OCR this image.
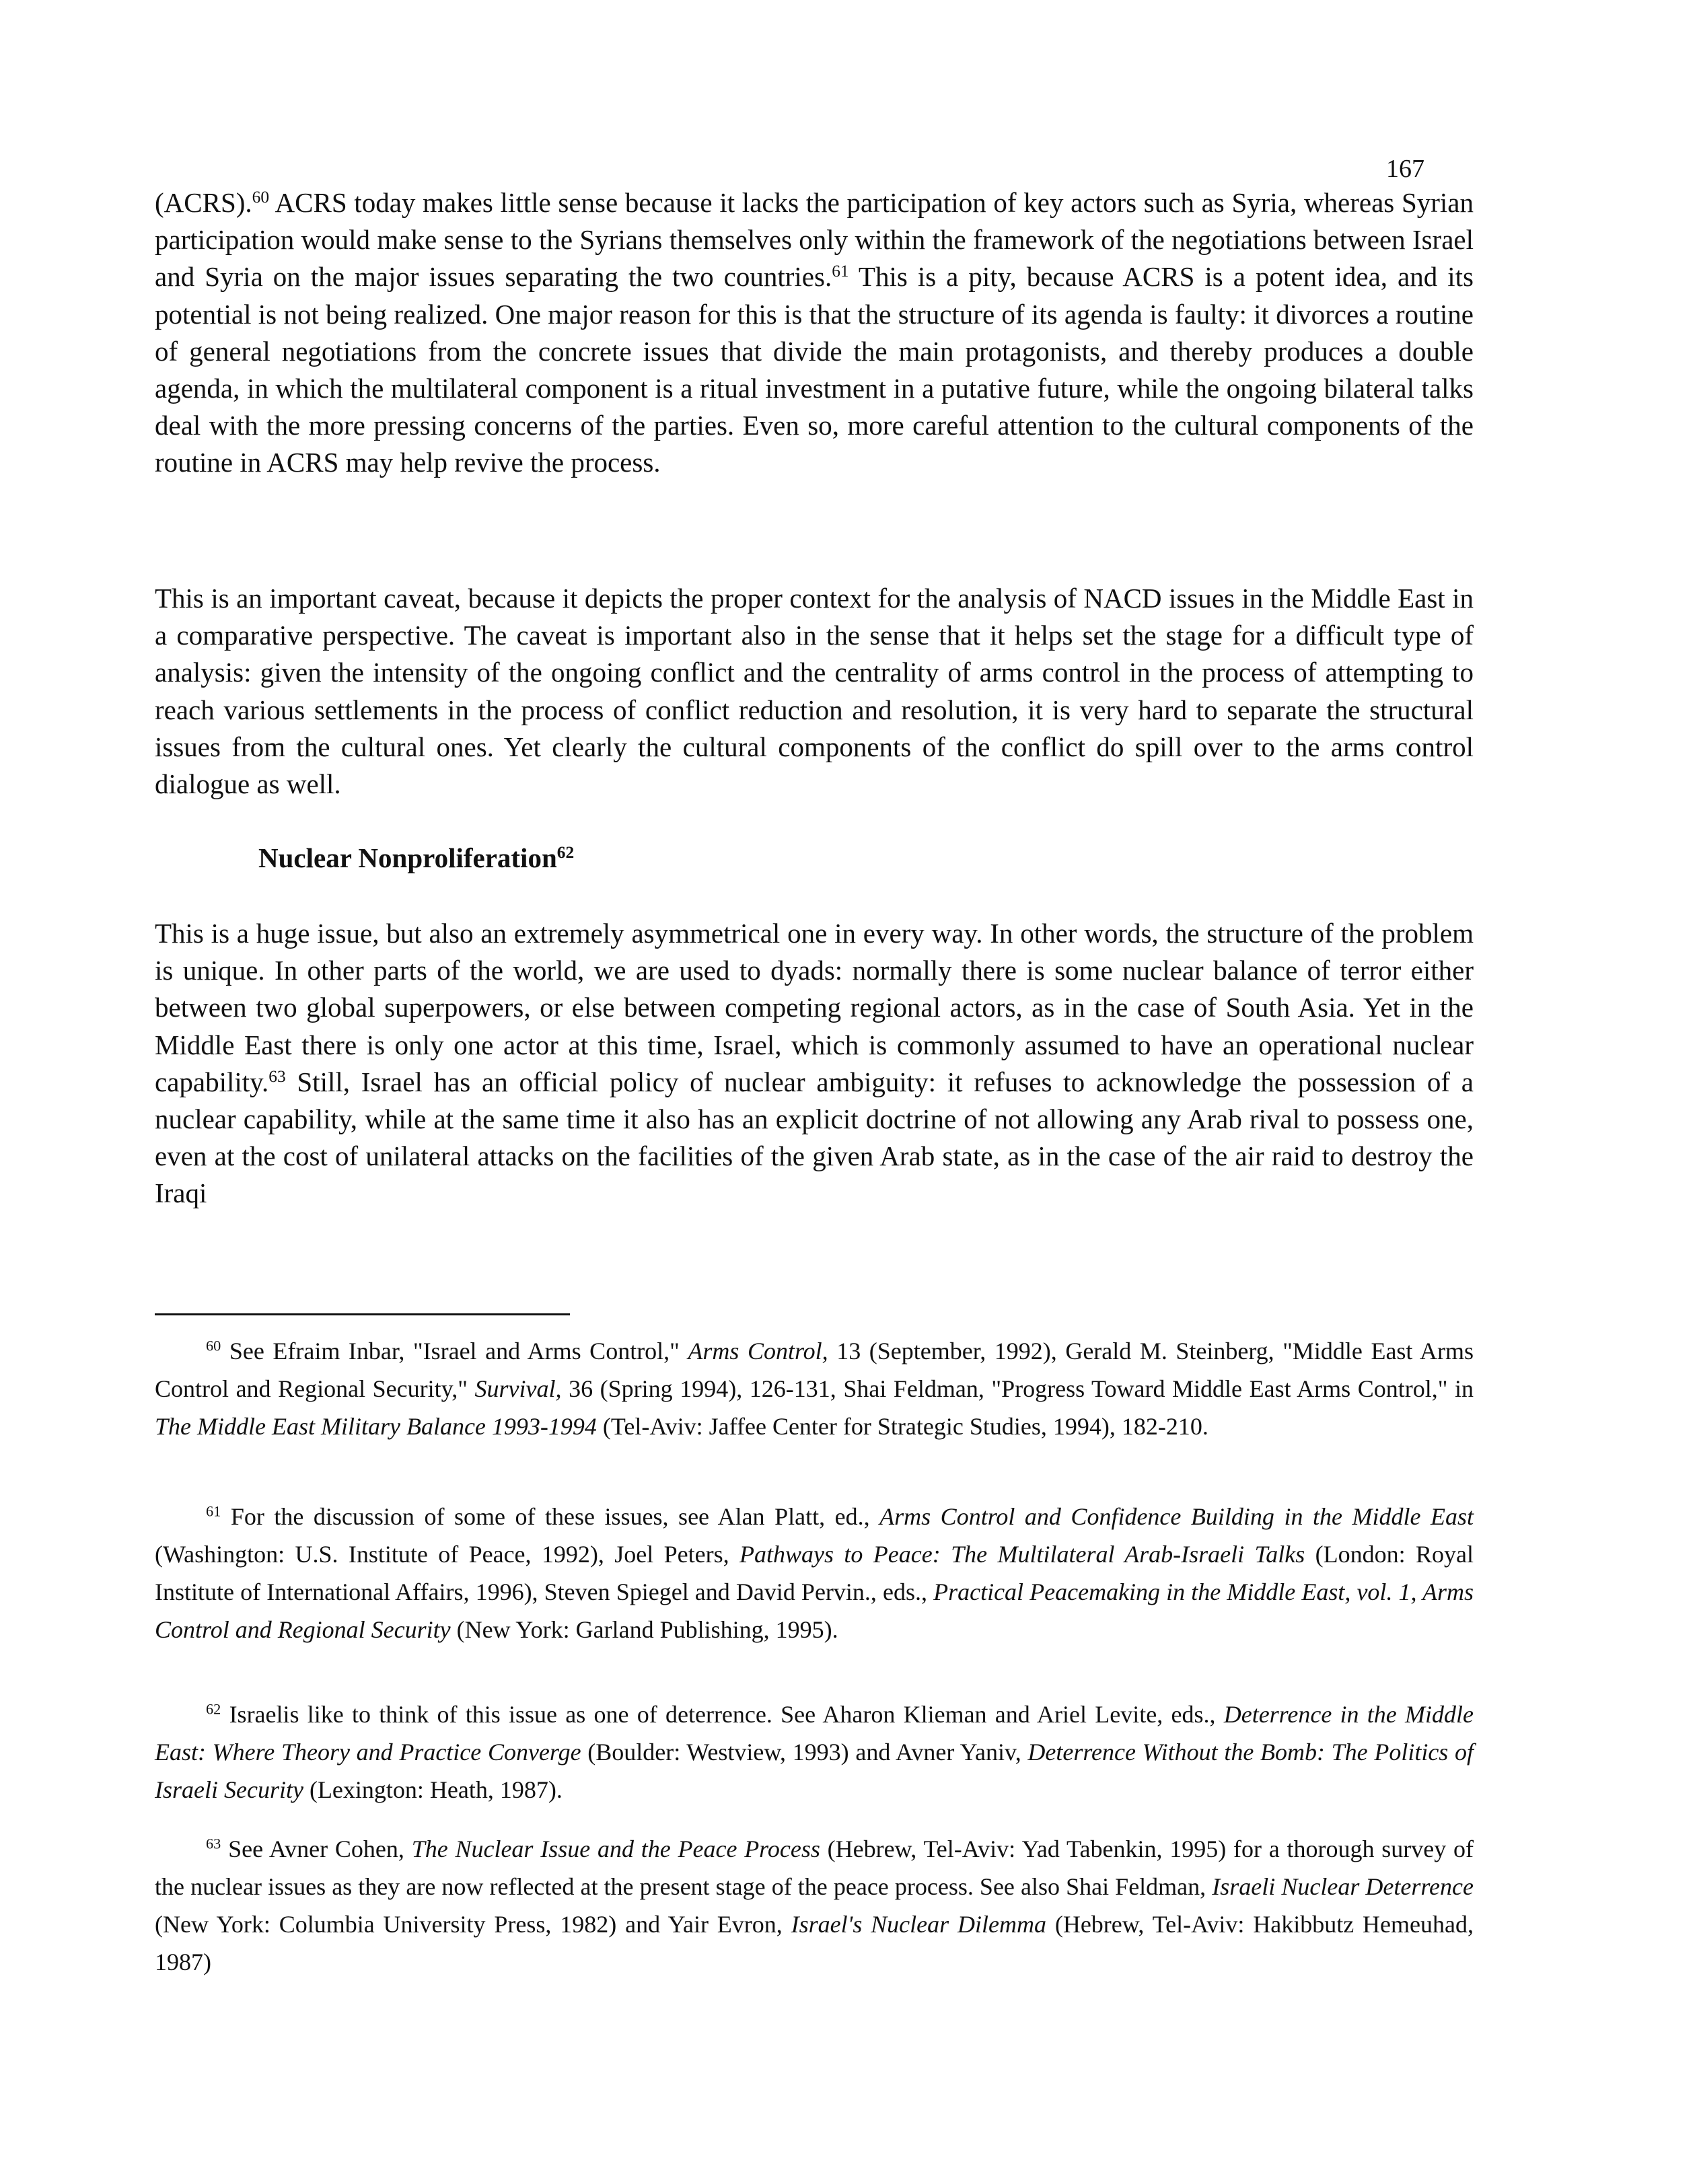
167

(ACRS).$^{60}$ ACRS today makes little sense because it lacks the participation of key actors such as Syria, whereas Syrian participation would make sense to the Syrians themselves only within the framework of the negotiations between Israel and Syria on the major issues separating the two countries.$^{61}$ This is a pity, because ACRS is a potent idea, and its potential is not being realized. One major reason for this is that the structure of its agenda is faulty: it divorces a routine of general negotiations from the concrete issues that divide the main protagonists, and thereby produces a double agenda, in which the multilateral component is a ritual investment in a putative future, while the ongoing bilateral talks deal with the more pressing concerns of the parties. Even so, more careful attention to the cultural components of the routine in ACRS may help revive the process.

This is an important caveat, because it depicts the proper context for the analysis of NACD issues in the Middle East in a comparative perspective. The caveat is important also in the sense that it helps set the stage for a difficult type of analysis: given the intensity of the ongoing conflict and the centrality of arms control in the process of attempting to reach various settlements in the process of conflict reduction and resolution, it is very hard to separate the structural issues from the cultural ones. Yet clearly the cultural components of the conflict do spill over to the arms control dialogue as well.

Nuclear Nonproliferation$^{62}$

This is a huge issue, but also an extremely asymmetrical one in every way. In other words, the structure of the problem is unique. In other parts of the world, we are used to dyads: normally there is some nuclear balance of terror either between two global superpowers, or else between competing regional actors, as in the case of South Asia. Yet in the Middle East there is only one actor at this time, Israel, which is commonly assumed to have an operational nuclear capability.$^{63}$ Still, Israel has an official policy of nuclear ambiguity: it refuses to acknowledge the possession of a nuclear capability, while at the same time it also has an explicit doctrine of not allowing any Arab rival to possess one, even at the cost of unilateral attacks on the facilities of the given Arab state, as in the case of the air raid to destroy the Iraqi

$^{60}$ See Efraim Inbar, "Israel and Arms Control," Arms Control, 13 (September, 1992), Gerald M. Steinberg, "Middle East Arms Control and Regional Security," Survival, 36 (Spring 1994), 126-131, Shai Feldman, "Progress Toward Middle East Arms Control," in The Middle East Military Balance 1993-1994 (Tel-Aviv: Jaffee Center for Strategic Studies, 1994), 182-210.

$^{61}$ For the discussion of some of these issues, see Alan Platt, ed., Arms Control and Confidence Building in the Middle East (Washington: U.S. Institute of Peace, 1992), Joel Peters, Pathways to Peace: The Multilateral Arab-Israeli Talks (London: Royal Institute of International Affairs, 1996), Steven Spiegel and David Pervin., eds., Practical Peacemaking in the Middle East, vol. 1, Arms Control and Regional Security (New York: Garland Publishing, 1995).

$^{62}$ Israelis like to think of this issue as one of deterrence. See Aharon Klieman and Ariel Levite, eds., Deterrence in the Middle East: Where Theory and Practice Converge (Boulder: Westview, 1993) and Avner Yaniv, Deterrence Without the Bomb: The Politics of Israeli Security (Lexington: Heath, 1987).

$^{63}$ See Avner Cohen, The Nuclear Issue and the Peace Process (Hebrew, Tel-Aviv: Yad Tabenkin, 1995) for a thorough survey of the nuclear issues as they are now reflected at the present stage of the peace process. See also Shai Feldman, Israeli Nuclear Deterrence (New York: Columbia University Press, 1982) and Yair Evron, Israel's Nuclear Dilemma (Hebrew, Tel-Aviv: Hakibbutz Hemeuhad, 1987)
